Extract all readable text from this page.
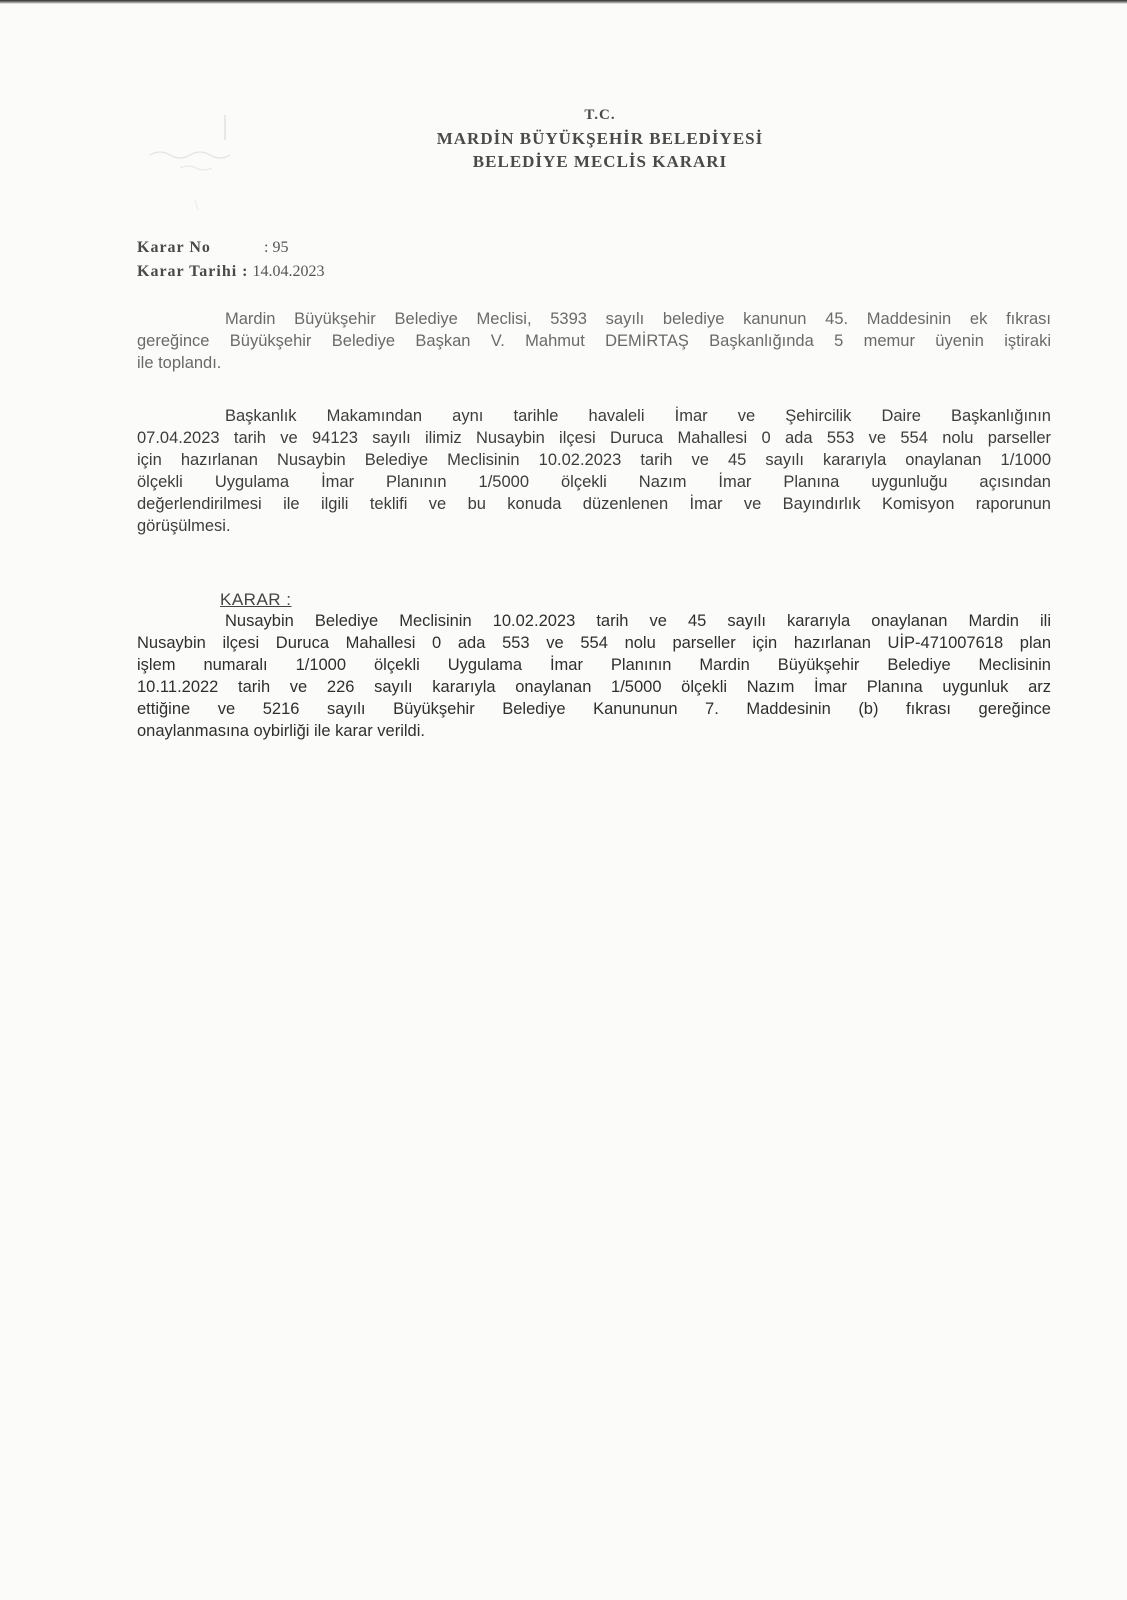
T.C.
MARDİN BÜYÜKŞEHİR BELEDİYESİ
BELEDİYE MECLİS KARARI
Karar No	: 95
Karar Tarihi :
14.04.2023
Mardin Büyükşehir Belediye Meclisi, 5393 sayılı belediye kanunun 45. Maddesinin ek fıkrası
gereğince Büyükşehir Belediye Başkan V. Mahmut DEMİRTAŞ Başkanlığında 5 memur üyenin iştiraki
ile toplandı.
Başkanlık Makamından aynı tarihle havaleli İmar ve Şehircilik Daire Başkanlığının
07.04.2023 tarih ve 94123 sayılı ilimiz Nusaybin ilçesi Duruca Mahallesi 0 ada 553 ve 554 nolu parseller
için hazırlanan Nusaybin Belediye Meclisinin 10.02.2023 tarih ve 45 sayılı kararıyla onaylanan 1/1000
ölçekli Uygulama İmar Planının 1/5000 ölçekli Nazım İmar Planına uygunluğu açısından
değerlendirilmesi ile ilgili teklifi ve bu konuda düzenlenen İmar ve Bayındırlık Komisyon raporunun
görüşülmesi.
KARAR :
Nusaybin Belediye Meclisinin 10.02.2023 tarih ve 45 sayılı kararıyla onaylanan Mardin ili
Nusaybin ilçesi Duruca Mahallesi 0 ada 553 ve 554 nolu parseller için hazırlanan UİP-471007618 plan
işlem numaralı 1/1000 ölçekli Uygulama İmar Planının Mardin Büyükşehir Belediye Meclisinin
10.11.2022 tarih ve 226 sayılı kararıyla onaylanan 1/5000 ölçekli Nazım İmar Planına uygunluk arz
ettiğine ve 5216 sayılı Büyükşehir Belediye Kanununun 7. Maddesinin (b) fıkrası gereğince
onaylanmasına oybirliği ile karar verildi.
